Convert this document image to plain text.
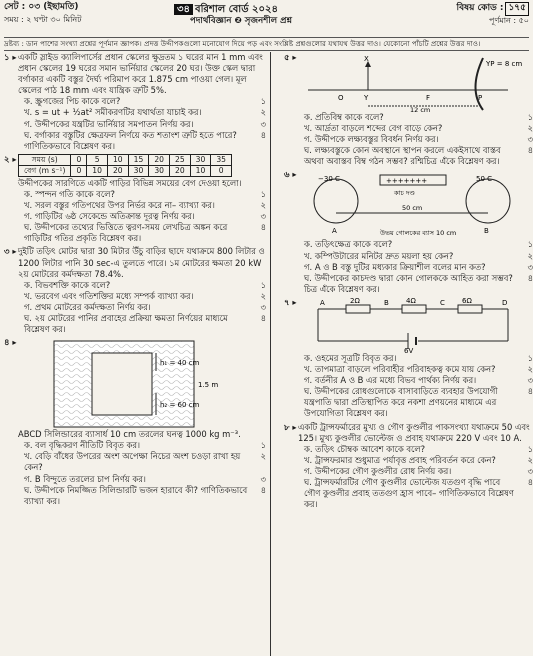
সেট : ০৩ (ইছামতি)
সময় : ২ ঘণ্টা ৩০ মিনিট
৩৪ বরিশাল বোর্ড ২০২৪
পদার্থবিজ্ঞান ❷ সৃজনশীল প্রশ্ন
বিষয় কোড : ১৭৫
পূর্ণমান : ৫০
দ্রষ্টব্য : ডান পাশের সংখ্যা প্রশ্নের পূর্ণমান জ্ঞাপক। প্রদত্ত উদ্দীপকগুলো মনোযোগ দিয়ে পড় এবং সংশ্লিষ্ট প্রশ্নগুলোর যথাযথ উত্তর দাও। যেকোনো পাঁচটি প্রশ্নের উত্তর দাও।
১ ▸ একটি স্লাইড ক্যালিপার্সের প্রধান স্কেলের ক্ষুদ্রতম ১ ঘরের মান 1 mm এবং প্রধান স্কেলের 19 ঘরের সমান ভার্নিয়ার স্কেলের 20 ঘর। উক্ত স্কেল দ্বারা বর্গাকার একটি বস্তুর দৈর্ঘ্য পরিমাপ করে 1.875 cm পাওয়া গেল। মূল স্কেলের পাঠ 18 mm এবং যান্ত্রিক ত্রুটি 5%.
ক. স্ক্রুগজের পিচ কাকে বলে?	১
খ. s = ut + ½at² সমীকরণটির যথার্থতা যাচাই কর।	২
গ. উদ্দীপকের যন্ত্রটির ভার্নিয়ার সমপাতন নির্ণয় কর।	৩
ঘ. বর্গাকার বস্তুটির ক্ষেত্রফল নির্ণয়ে কত শতাংশ ত্রুটি হতে পারে? গাণিতিকভাবে বিশ্লেষণ কর।
৪
২ ▸ সময় (s)	0	5	10	15	20	25	30	35
বেগ (m s⁻¹)	0	10	20	30	30	20	10	0
উদ্দীপকের সারণিতে একটি গাড়ির বিভিন্ন সময়ের বেগ দেওয়া হলো।
ক. স্পন্দন গতি কাকে বলে?	১
খ. সরল বস্তুর গতিপথের উপর নির্ভর করে না– ব্যাখ্যা কর।	২
গ. গাড়িটির ৬ষ্ঠ সেকেন্ডে অতিক্রান্ত দূরত্ব নির্ণয় কর।	৩
ঘ. উদ্দীপকের তথ্যের ভিত্তিতে ত্বরণ-সময় লেখচিত্র অঙ্কন করে গাড়িটির গতির প্রকৃতি বিশ্লেষণ কর।
৪
৩ ▸ দুইটি তড়িৎ মোটর দ্বারা 30 মিটার উঁচু বাড়ির ছাদে যথাক্রমে 800 লিটার ও 1200 লিটার পানি 30 sec-এ তুলতে পারে। ১ম মোটরের ক্ষমতা 20 kW ২য় মোটরের কর্মদক্ষতা 78.4%.
ক. বিভবশক্তি কাকে বলে?	১
খ. ভরবেগ এবং গতিশক্তির মধ্যে সম্পর্ক ব্যাখ্যা কর।	২
গ. প্রথম মোটরের কর্মদক্ষতা নির্ণয় কর।	৩
ঘ. ২য় মোটরের পানির প্রবাহের প্রক্রিয়া ক্ষমতা নির্ণয়ের মাধ্যমে বিশ্লেষণ কর।
৪
৪ ▸
h₁ = 40 cm
h₂ = 60 cm
1.5 m
ABCD সিলিন্ডারের ব্যাসার্ধ 10 cm তরলের ঘনত্ব 1000 kg m⁻³.
ক. বল বৃদ্ধিকরণ নীতিটি বিবৃত কর।	১
খ. বেড়ি বাঁধের উপরের অংশ অপেক্ষা নিচের অংশ চওড়া রাখা হয় কেন?
২
গ. B বিন্দুতে তরলের চাপ নির্ণয় কর।	৩
ঘ. উদ্দীপকে নিমজ্জিত সিলিন্ডারটি ভজন হারাবে কী? গাণিতিকভাবে ব্যাখ্যা কর।
৪
৫ ▸	X
Y
O	F	P
YP = 8 cm
12 cm
ক. প্রতিবিম্ব কাকে বলে?	১
খ. আর্দ্রতা বাড়লে শব্দের বেগ বাড়ে কেন?	২
গ. উদ্দীপকে লক্ষ্যবস্তুর বিবর্ধন নির্ণয় কর।	৩
ঘ. লক্ষ্যবস্তুকে কোন অবস্থানে স্থাপন করলে একইসাথে বাস্তব অথবা অবাস্তব বিম্ব গঠন সম্ভব? রশ্মিচিত্র এঁকে বিশ্লেষণ কর।
৪
৬ ▸	−30 C	50 C
+++++++
কাচ দণ্ড
50 cm
A	B
উভয় গোলকের ব্যাস 10 cm
ক. তড়িৎক্ষেত্র কাকে বলে?	১
খ. কম্পিউটারের মনিটর দ্রুত ময়লা হয় কেন?	২
গ. A ও B বস্তু দুটির মধ্যকার ক্রিয়াশীল বলের মান কত?	৩
ঘ. উদ্দীপকের কাচদণ্ড দ্বারা কোন গোলককে আহিত করা সম্ভব? চিত্র এঁকে বিশ্লেষণ কর।
৪
৭ ▸	2Ω	4Ω	6Ω
A	B	C	D
6V
ক. ওহমের সূত্রটি বিবৃত কর।	১
খ. তাপমাত্রা বাড়লে পরিবাহীর পরিবাহকত্ব কমে যায় কেন?	২
গ. বর্তনীর A ও B এর মধ্যে বিভব পার্থক্য নির্ণয় কর।	৩
ঘ. উদ্দীপকের রোধগুলোকে বাসাবাড়িতে ব্যবহার উপযোগী যন্ত্রপাতি দ্বারা প্রতিস্থাপিত করে নকশা প্রণয়নের মাধ্যমে এর উপযোগিতা বিশ্লেষণ কর।
৪
৮ ▸ একটি ট্রান্সফর্মারের মুখ্য ও গৌণ কুণ্ডলীর পাকসংখ্যা যথাক্রমে 50 এবং 125। মুখ্য কুণ্ডলীর ভোল্টেজ ও প্রবাহ যথাক্রমে 220 V এবং 10 A.
ক. তড়িৎ চৌম্বক আবেশ কাকে বলে?	১
খ. ট্রান্সফরমার শুধুমাত্র পর্যাবৃত্ত প্রবাহ পরিবর্তন করে কেন?	২
গ. উদ্দীপকের গৌণ কুণ্ডলীর রোধ নির্ণয় কর।	৩
ঘ. ট্রান্সফর্মারটির গৌণ কুণ্ডলীর ভোল্টেজ যতগুণ বৃদ্ধি পাবে গৌণ কুণ্ডলীর প্রবাহ ততগুণ হ্রাস পাবে– গাণিতিকভাবে বিশ্লেষণ কর।
৪
